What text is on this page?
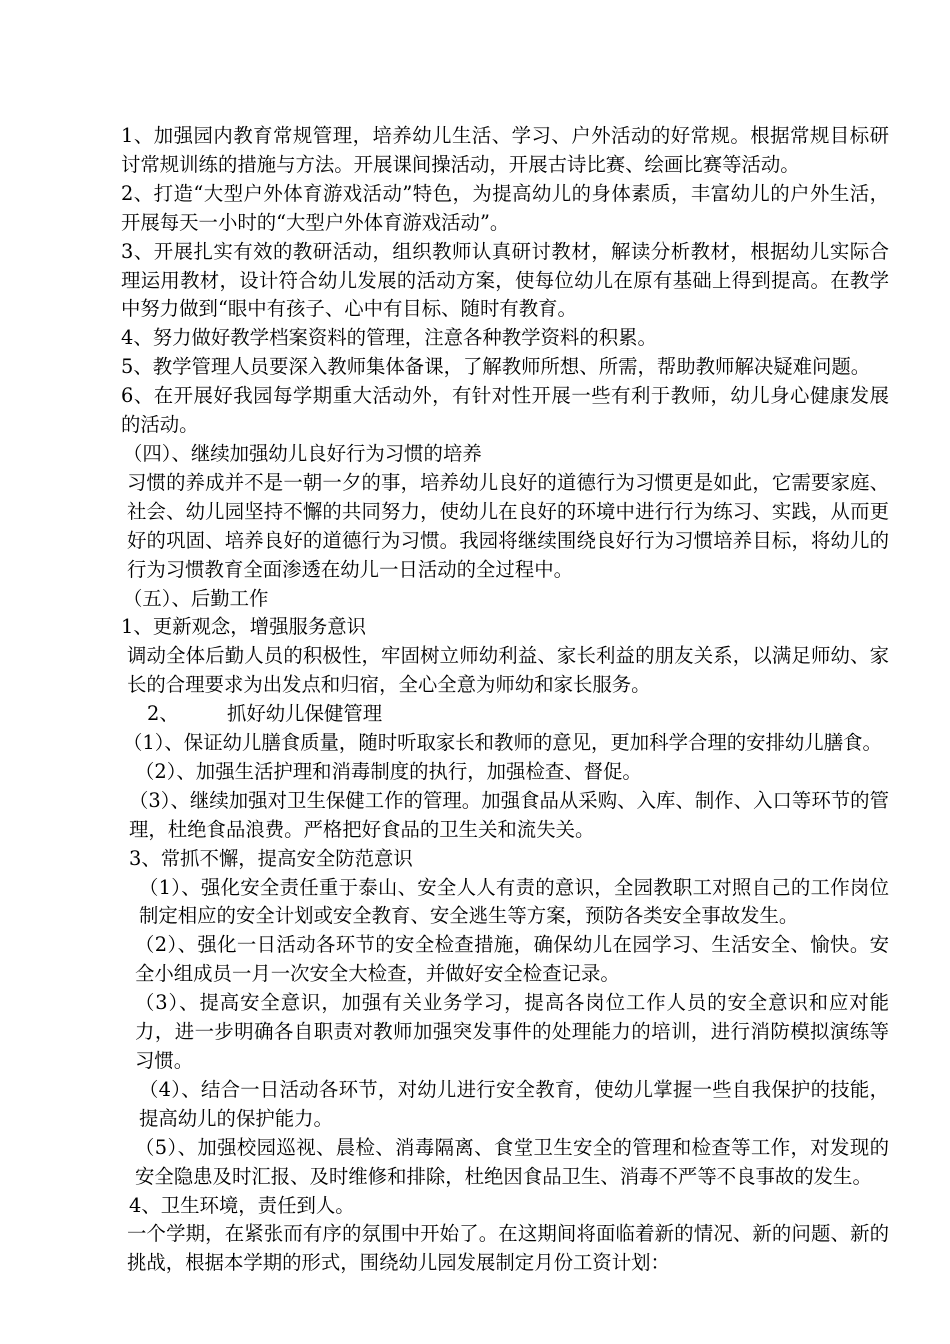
1、加强园内教育常规管理，培养幼儿生活、学习、户外活动的好常规。根据常规目标研讨常规训练的措施与方法。开展课间操活动，开展古诗比赛、绘画比赛等活动。

2、打造“大型户外体育游戏活动”特色，为提高幼儿的身体素质，丰富幼儿的户外生活，开展每天一小时的“大型户外体育游戏活动”。

3、开展扎实有效的教研活动，组织教师认真研讨教材，解读分析教材，根据幼儿实际合理运用教材，设计符合幼儿发展的活动方案，使每位幼儿在原有基础上得到提高。在教学中努力做到“眼中有孩子、心中有目标、随时有教育。

4、努力做好教学档案资料的管理，注意各种教学资料的积累。

5、教学管理人员要深入教师集体备课，了解教师所想、所需，帮助教师解决疑难问题。

6、在开展好我园每学期重大活动外，有针对性开展一些有利于教师，幼儿身心健康发展的活动。

（四）、继续加强幼儿良好行为习惯的培养

习惯的养成并不是一朝一夕的事，培养幼儿良好的道德行为习惯更是如此，它需要家庭、社会、幼儿园坚持不懈的共同努力，使幼儿在良好的环境中进行行为练习、实践，从而更好的巩固、培养良好的道德行为习惯。我园将继续围绕良好行为习惯培养目标，将幼儿的行为习惯教育全面渗透在幼儿一日活动的全过程中。

（五）、后勤工作

1、更新观念，增强服务意识

调动全体后勤人员的积极性，牢固树立师幼利益、家长利益的朋友关系，以满足师幼、家长的合理要求为出发点和归宿，全心全意为师幼和家长服务。

2、 抓好幼儿保健管理

（1）、保证幼儿膳食质量，随时听取家长和教师的意见，更加科学合理的安排幼儿膳食。

（2）、加强生活护理和消毒制度的执行，加强检查、督促。

（3）、继续加强对卫生保健工作的管理。加强食品从采购、入库、制作、入口等环节的管理，杜绝食品浪费。严格把好食品的卫生关和流失关。

3、常抓不懈，提高安全防范意识

（1）、强化安全责任重于泰山、安全人人有责的意识，全园教职工对照自己的工作岗位制定相应的安全计划或安全教育、安全逃生等方案，预防各类安全事故发生。

（2）、强化一日活动各环节的安全检查措施，确保幼儿在园学习、生活安全、愉快。安全小组成员一月一次安全大检查，并做好安全检查记录。

（3）、提高安全意识，加强有关业务学习，提高各岗位工作人员的安全意识和应对能力，进一步明确各自职责对教师加强突发事件的处理能力的培训，进行消防模拟演练等习惯。

（4）、结合一日活动各环节，对幼儿进行安全教育，使幼儿掌握一些自我保护的技能，提高幼儿的保护能力。

（5）、加强校园巡视、晨检、消毒隔离、食堂卫生安全的管理和检查等工作，对发现的安全隐患及时汇报、及时维修和排除，杜绝因食品卫生、消毒不严等不良事故的发生。

4、卫生环境，责任到人。

一个学期，在紧张而有序的氛围中开始了。在这期间将面临着新的情况、新的问题、新的挑战，根据本学期的形式，围绕幼儿园发展制定月份工资计划：
